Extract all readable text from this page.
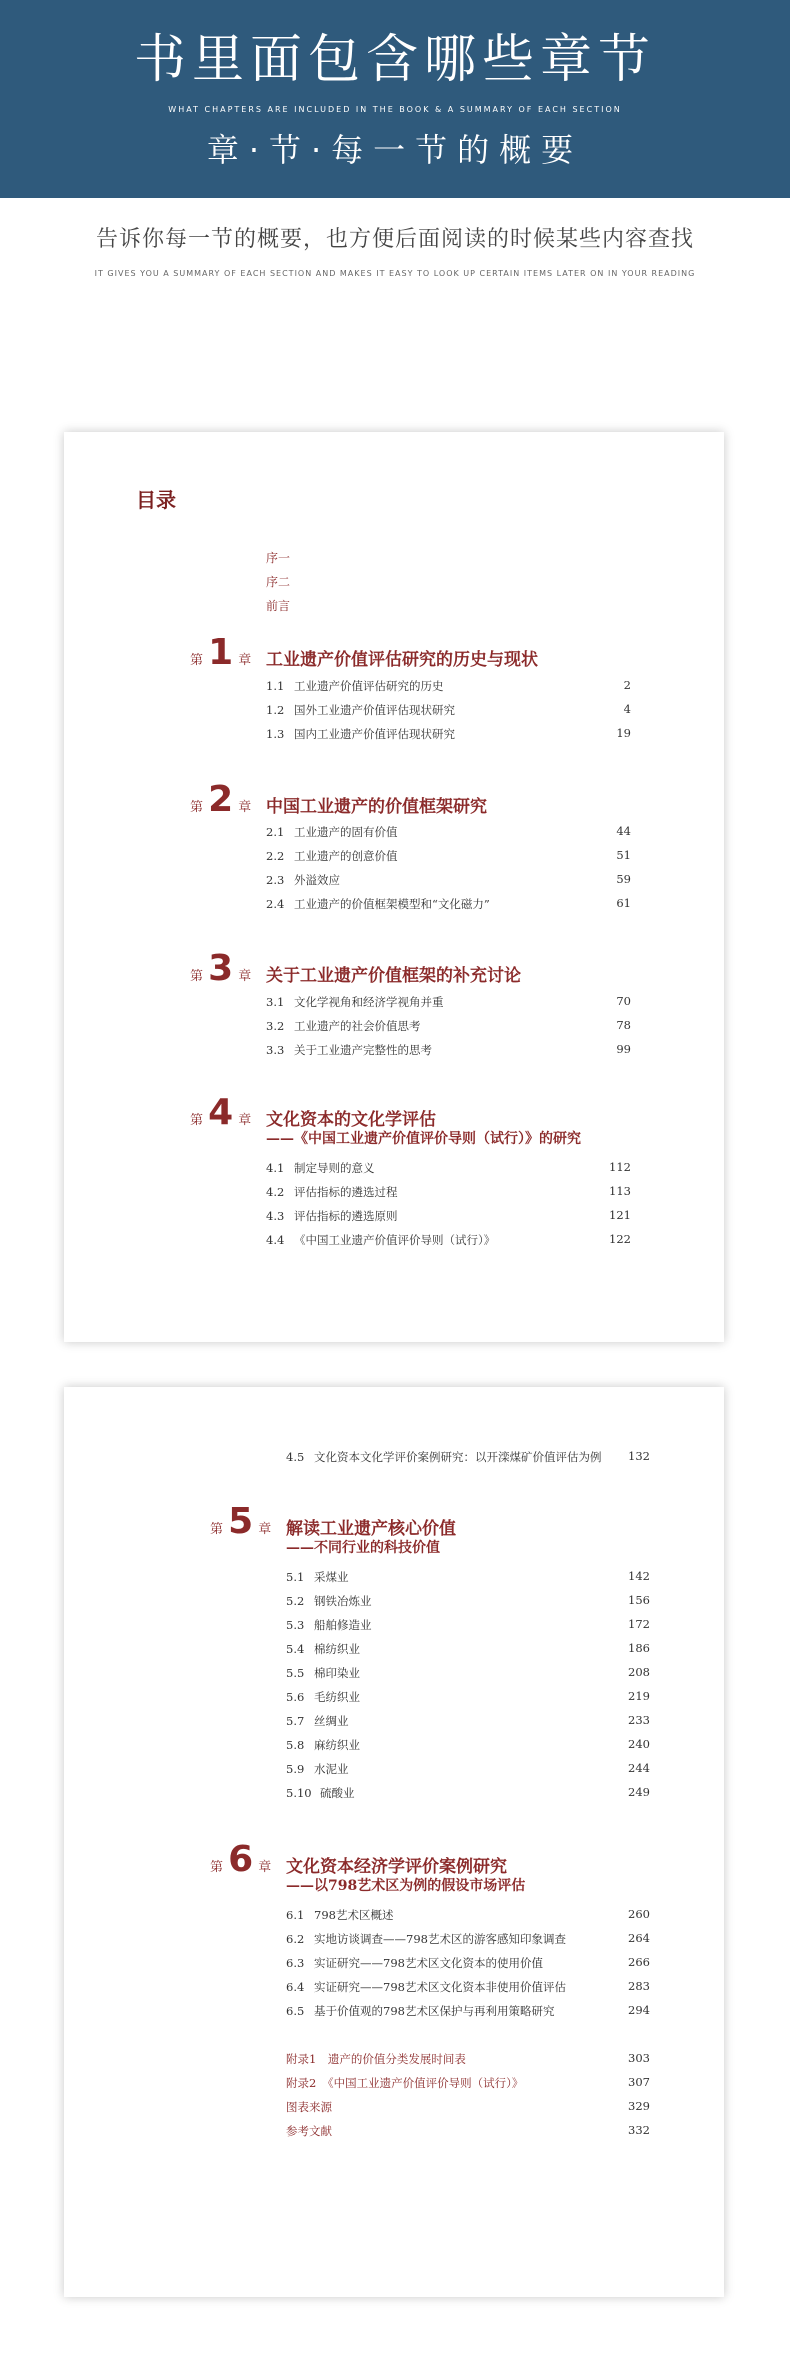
书里面包含哪些章节
WHAT CHAPTERS ARE INCLUDED IN THE BOOK & A SUMMARY OF EACH SECTION
章·节·每一节的概要
告诉你每一节的概要，也方便后面阅读的时候某些内容查找
IT GIVES YOU A SUMMARY OF EACH SECTION AND MAKES IT EASY TO LOOK UP CERTAIN ITEMS LATER ON IN YOUR READING
目录
序一
序二
前言
第 1 章 工业遗产价值评估研究的历史与现状
1.1 工业遗产价值评估研究的历史	2
1.2 国外工业遗产价值评估现状研究	4
1.3 国内工业遗产价值评估现状研究	19
第 2 章 中国工业遗产的价值框架研究
2.1 工业遗产的固有价值	44
2.2 工业遗产的创意价值	51
2.3 外溢效应	59
2.4 工业遗产的价值框架模型和“文化磁力”	61
第 3 章 关于工业遗产价值框架的补充讨论
3.1 文化学视角和经济学视角并重	70
3.2 工业遗产的社会价值思考	78
3.3 关于工业遗产完整性的思考	99
第 4 章 文化资本的文化学评估
——《中国工业遗产价值评价导则（试行）》的研究
4.1 制定导则的意义	112
4.2 评估指标的遴选过程	113
4.3 评估指标的遴选原则	121
4.4 《中国工业遗产价值评价导则（试行）》	122
4.5 文化资本文化学评价案例研究：以开滦煤矿价值评估为例	132
第 5 章 解读工业遗产核心价值
——不同行业的科技价值
5.1 采煤业	142
5.2 钢铁冶炼业	156
5.3 船舶修造业	172
5.4 棉纺织业	186
5.5 棉印染业	208
5.6 毛纺织业	219
5.7 丝绸业	233
5.8 麻纺织业	240
5.9 水泥业	244
5.10 硫酸业	249
第 6 章 文化资本经济学评价案例研究
——以798艺术区为例的假设市场评估
6.1 798艺术区概述	260
6.2 实地访谈调查——798艺术区的游客感知印象调查	264
6.3 实证研究——798艺术区文化资本的使用价值	266
6.4 实证研究——798艺术区文化资本非使用价值评估	283
6.5 基于价值观的798艺术区保护与再利用策略研究	294
附录1　遗产的价值分类发展时间表	303
附录2　《中国工业遗产价值评价导则（试行）》	307
图表来源	329
参考文献	332
